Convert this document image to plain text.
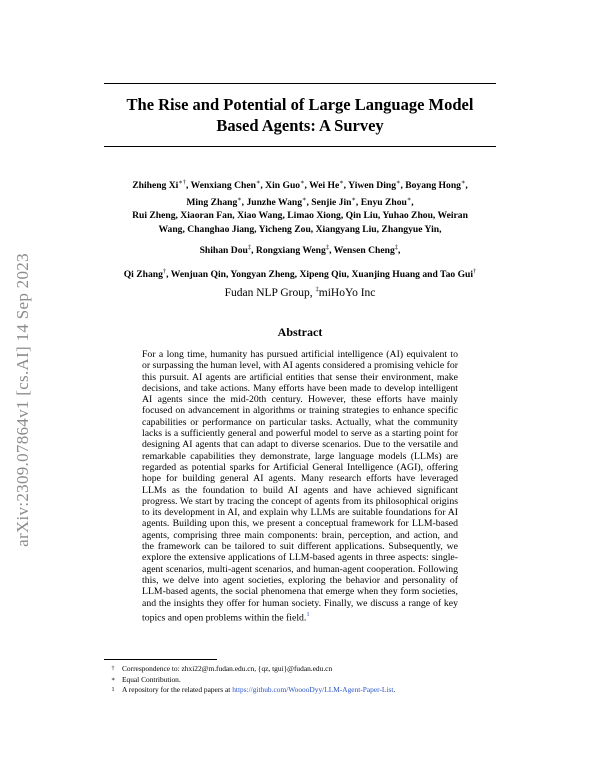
arXiv:2309.07864v1 [cs.AI] 14 Sep 2023
The Rise and Potential of Large Language Model
Based Agents: A Survey
Zhiheng Xi∗†, Wenxiang Chen∗, Xin Guo∗, Wei He∗, Yiwen Ding∗, Boyang Hong∗,
Ming Zhang∗, Junzhe Wang∗, Senjie Jin∗, Enyu Zhou∗,
Rui Zheng, Xiaoran Fan, Xiao Wang, Limao Xiong, Qin Liu, Yuhao Zhou, Weiran Wang, Changhao Jiang, Yicheng Zou, Xiangyang Liu, Zhangyue Yin,
Shihan Dou‡, Rongxiang Weng‡, Wensen Cheng‡,
Qi Zhang†, Wenjuan Qin, Yongyan Zheng, Xipeng Qiu, Xuanjing Huang and Tao Gui†
Fudan NLP Group, ‡miHoYo Inc
Abstract

For a long time, humanity has pursued artificial intelligence (AI) equivalent to or surpassing the human level, with AI agents considered a promising vehicle for this pursuit. AI agents are artificial entities that sense their environment, make decisions, and take actions. Many efforts have been made to develop intelligent AI agents since the mid-20th century. However, these efforts have mainly focused on advancement in algorithms or training strategies to enhance specific capabilities or performance on particular tasks. Actually, what the community lacks is a sufficiently general and powerful model to serve as a starting point for designing AI agents that can adapt to diverse scenarios. Due to the versatile and remarkable capabilities they demonstrate, large language models (LLMs) are regarded as potential sparks for Artificial General Intelligence (AGI), offering hope for building general AI agents. Many research efforts have leveraged LLMs as the foundation to build AI agents and have achieved significant progress. We start by tracing the concept of agents from its philosophical origins to its development in AI, and explain why LLMs are suitable foundations for AI agents. Building upon this, we present a conceptual framework for LLM-based agents, comprising three main components: brain, perception, and action, and the framework can be tailored to suit different applications. Subsequently, we explore the extensive applications of LLM-based agents in three aspects: single-agent scenarios, multi-agent scenarios, and human-agent cooperation. Following this, we delve into agent societies, exploring the behavior and personality of LLM-based agents, the social phenomena that emerge when they form societies, and the insights they offer for human society. Finally, we discuss a range of key topics and open problems within the field.$^1$

†	Correspondence to: zhxi22@m.fudan.edu.cn, {qz, tgui}@fudan.edu.cn
∗ Equal Contribution.
1	A repository for the related papers at https://github.com/WooooDyy/LLM-Agent-Paper-List.
